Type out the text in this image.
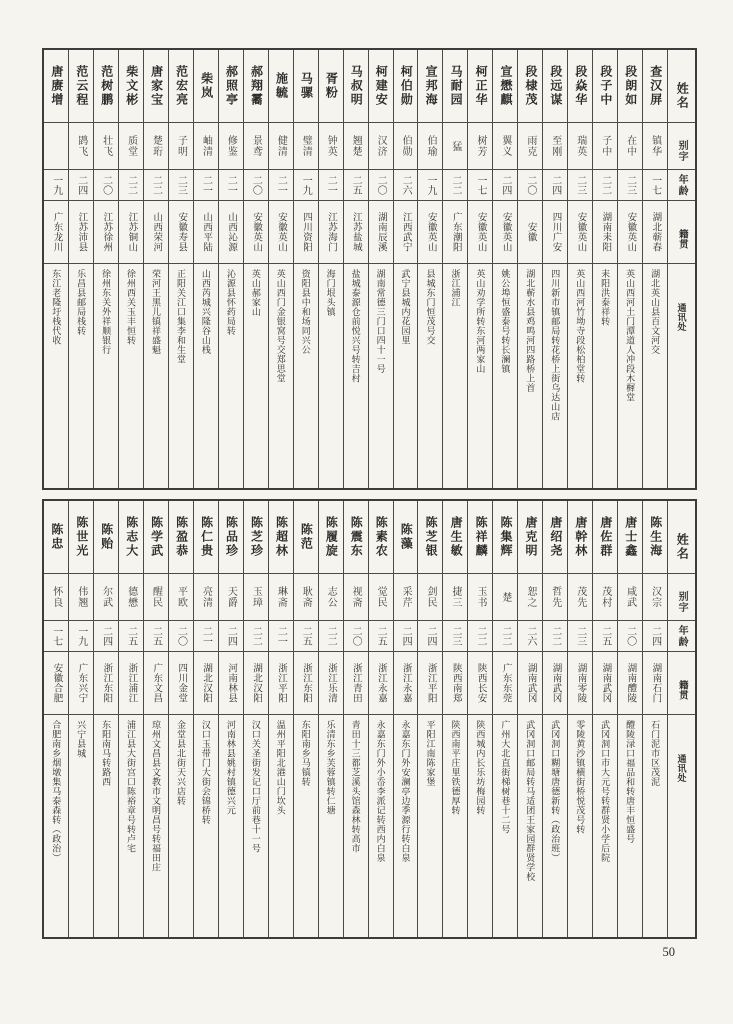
姓名
别字
年龄
籍贯
通讯处
查汉屏
镇华
一七
湖北蕲春
湖北英山县百文河交
段朗如
在中
二三
安徽英山
英山西河土门潭道人冲段木樨堂
段子中
子中
二二
湖南耒阳
耒阳洪泰祥转
段焱华
瑞英
二三
安徽英山
英山西河竹坳寺段松柏堂转
段远谋
至刚
二四
四川广安
四川新市镇邮局转花桥上街乌达山店
段棣茂
雨克
二〇
安徽
湖北蕲水县鸡鸣河四路桥上首
宣懋麒
翼义
二四
安徽英山
姚公埠恒盛泰号转长澜镇
柯正华
树芳
一七
安徽英山
英山劝学所转东河两家山
马耐园
猛
二二
广东潮阳
浙江浦江
宣邦海
伯瑜
一九
安徽英山
县城东门恒茂号交
柯伯勋
伯勋
二六
江西武宁
武宁县城内花园里
柯建安
汉济
二〇
湖南辰溪
湖南常德三门口四十一号
马叔明
翘楚
二五
江苏盐城
盐城泰源仓前悦兴号转吉村
胥粉
钟英
二一
江苏海门
海门垠头镇
马骡
璧清
一九
四川资阳
资阳县中和场同兴公
施毓
健清
二一
安徽英山
英山西门金银窝号交郑思堂
郝翔霱
景鸢
二〇
安徽英山
英山郝家山
郝照亭
修鉴
二一
山西沁源
沁源县怀药局转
柴岚
岫清
二一
山西平陆
山西芮城兴隆谷山栈
范宏亮
子明
二三
安徽寿县
正阳关江口集李和生堂
唐家宝
楚珩
二二
山西荣河
荣河王黑儿镇祥盛魁
柴文彬
质堂
二二
江苏铜山
徐州西关玉丰恒转
范树鹏
壮飞
二〇
江苏徐州
徐州东关外祥顺银行
范云程
鹍飞
二四
江苏沛县
乐昌县邮局栈转
唐赓增
一九
广东龙川
东江老隆圩栈代收
姓名
别字
年龄
籍贯
通讯处
陈生海
汉宗
二四
湖南石门
石门泥市区茂泥
唐士鑫
咸武
二〇
湖南醴陵
醴陵渌口福品和转唐丰恒盛号
唐佐群
茂村
二五
湖南武冈
武冈洞口市大元号转群贤小学后院
唐幹林
茂先
二三
湖南零陵
零陵黄沙镇横街桥悦茂号转
唐绍尧
哲先
二二
湖南武冈
武冈洞口糊塘唐德新转（政治班）
唐克明
恕之
二六
湖南武冈
武冈洞口邮局转马适团王家园群贤学校
陈集辉
楚
二二
广东东莞
广州大北直街梯树巷十二号
陈祥麟
玉书
二二
陕西长安
陕西城内长乐坊梅园转
唐生敏
捷三
二三
陕西南郑
陕西南平庄里铁德厚转
陈芝银
剑民
二四
浙江平阳
平阳江南陈家堡
陈藻
采芹
二四
浙江永嘉
永嘉东门外安澜亭边季源行转白泉
陈素农
觉民
二五
浙江永嘉
永嘉东门外小岙李派记转西内白泉
陈震东
视斋
二〇
浙江青田
青田十三都芝溪头馆森林转高市
陈履旋
志公
二二
浙江乐清
乐清东乡芙蓉镇转仁塘
陈范
耿斋
二五
浙江东阳
东阳南乡马镇转
陈超林
琳斋
二一
浙江平阳
温州平阳北港山门坎头
陈芝珍
玉璋
二二
湖北汉阳
汉口关圣街发记口厅前巷十一号
陈品珍
天爵
二四
河南林县
河南林县姚村镇德兴元
陈仁贵
亮清
二一
湖北汉阳
汉口玉带门大街会锦桥转
陈盈恭
平欧
二〇
四川金堂
金堂县北街天兴店转
陈学武
醒民
二五
广东文昌
琼州文昌县文教市文明昌号转福田庄
陈志大
德懋
二五
浙江浦江
浦江县大街宫口陈裕章号转卢宅
陈贻
尔武
二四
浙江东阳
东阳南马转路西
陈世光
伟翘
一九
广东兴宁
兴宁县城
陈忠
怀良
一七
安徽合肥
合肥南乡烟墩集马泰森转（政治）
50
